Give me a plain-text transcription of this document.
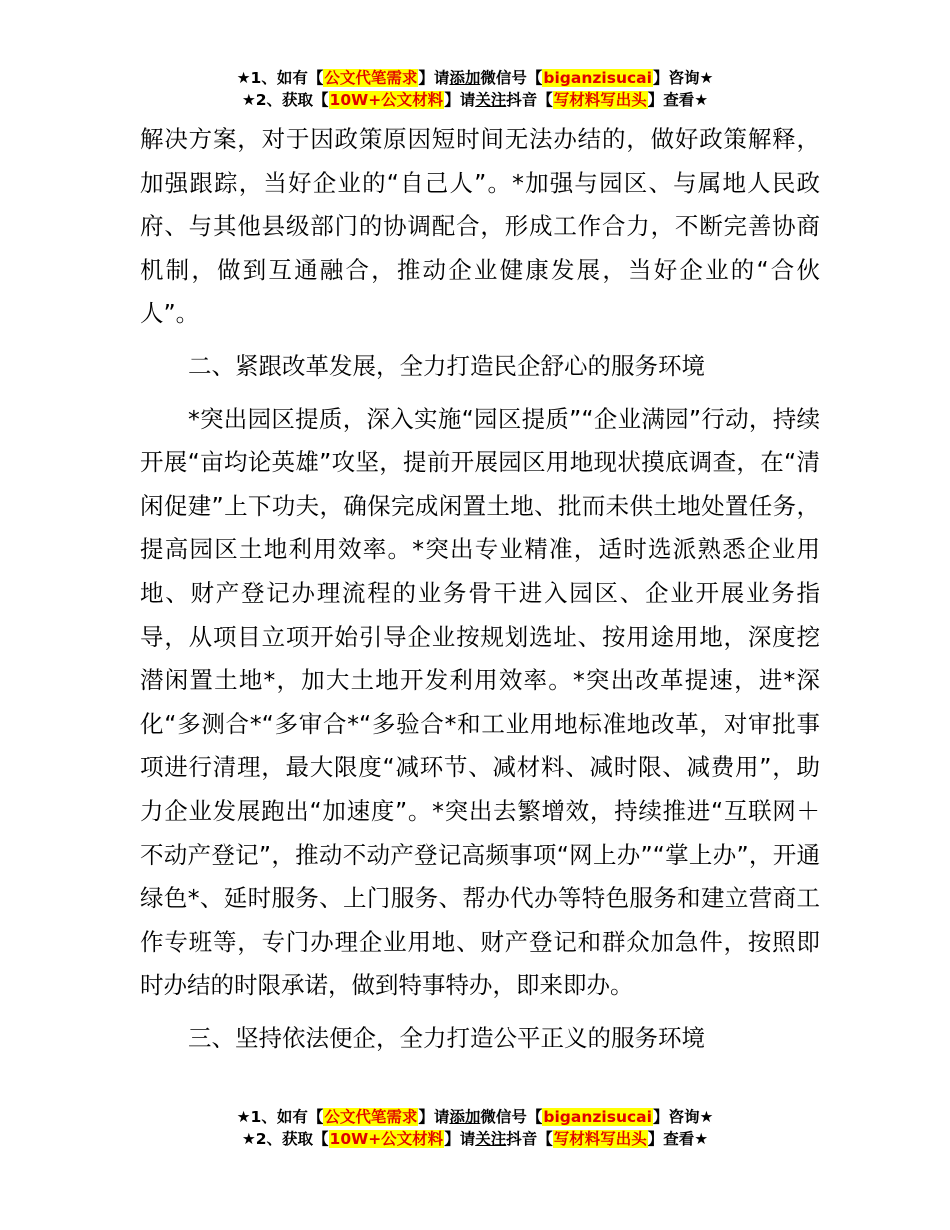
★1、如有【公文代笔需求】请添加微信号【biganzisucai】咨询★
★2、获取【10W+公文材料】请关注抖音【写材料写出头】查看★

解决方案，对于因政策原因短时间无法办结的，做好政策解释，加强跟踪，当好企业的“自己人”。*加强与园区、与属地人民政府、与其他县级部门的协调配合，形成工作合力，不断完善协商机制，做到互通融合，推动企业健康发展，当好企业的“合伙人”。

二、紧跟改革发展，全力打造民企舒心的服务环境

*突出园区提质，深入实施“园区提质”“企业满园”行动，持续开展“亩均论英雄”攻坚，提前开展园区用地现状摸底调查，在“清闲促建”上下功夫，确保完成闲置土地、批而未供土地处置任务，提高园区土地利用效率。*突出专业精准，适时选派熟悉企业用地、财产登记办理流程的业务骨干进入园区、企业开展业务指导，从项目立项开始引导企业按规划选址、按用途用地，深度挖潜闲置土地*，加大土地开发利用效率。*突出改革提速，进*深化“多测合*“多审合*“多验合*和工业用地标准地改革，对审批事项进行清理，最大限度“减环节、减材料、减时限、减费用”，助力企业发展跑出“加速度”。*突出去繁增效，持续推进“互联网＋不动产登记”，推动不动产登记高频事项“网上办”“掌上办”，开通绿色*、延时服务、上门服务、帮办代办等特色服务和建立营商工作专班等，专门办理企业用地、财产登记和群众加急件，按照即时办结的时限承诺，做到特事特办，即来即办。

三、坚持依法便企，全力打造公平正义的服务环境

★1、如有【公文代笔需求】请添加微信号【biganzisucai】咨询★
★2、获取【10W+公文材料】请关注抖音【写材料写出头】查看★
